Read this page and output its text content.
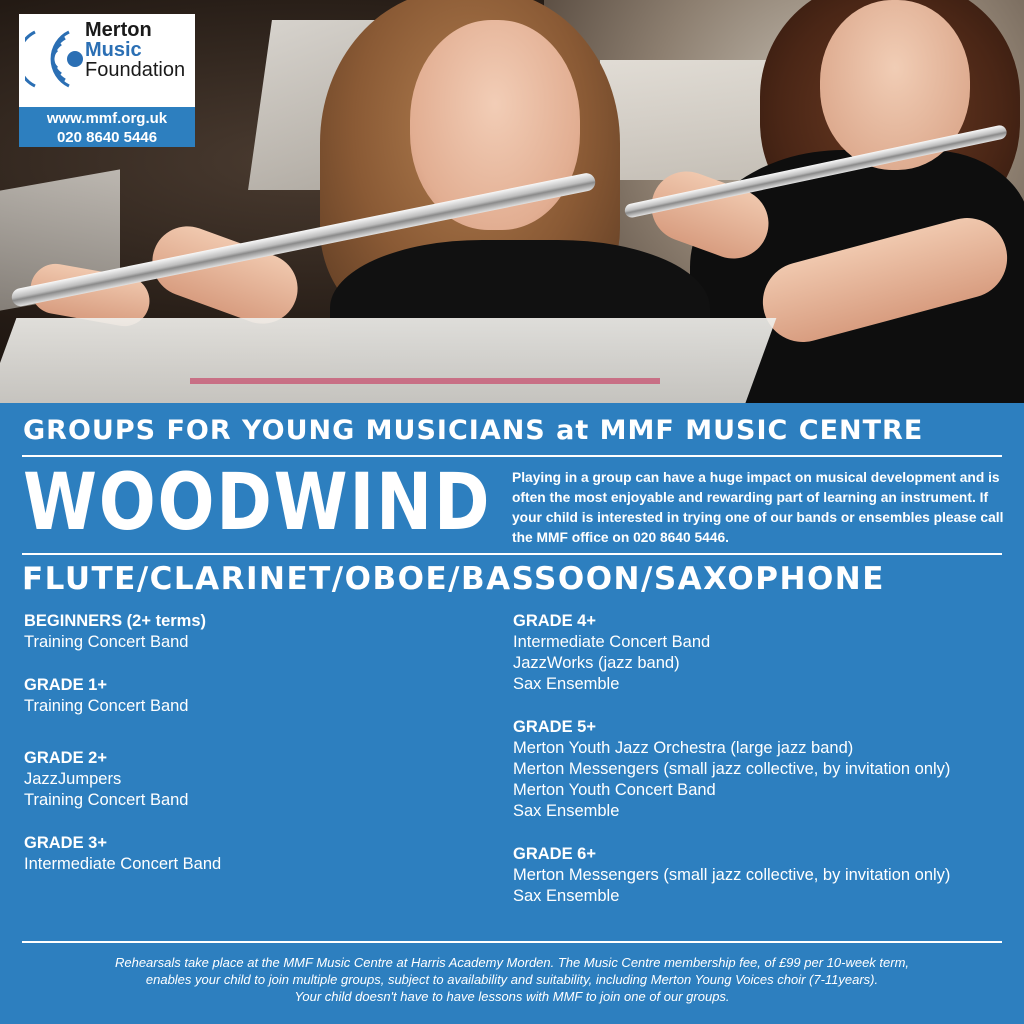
Merton
Music
Foundation
www.mmf.org.uk
020 8640 5446
GROUPS FOR YOUNG MUSICIANS at MMF MUSIC CENTRE
WOODWIND Playing in a group can have a huge impact on musical development and is often the most enjoyable and rewarding part of learning an instrument. If your child is interested in trying one of our bands or ensembles please call the MMF office on 020 8640 5446.
FLUTE/CLARINET/OBOE/BASSOON/SAXOPHONE
BEGINNERS (2+ terms)
Training Concert Band
GRADE 1+
Training Concert Band
GRADE 2+
JazzJumpers
Training Concert Band
GRADE 3+
Intermediate Concert Band
GRADE 4+
Intermediate Concert Band
JazzWorks (jazz band)
Sax Ensemble
GRADE 5+
Merton Youth Jazz Orchestra (large jazz band)
Merton Messengers (small jazz collective, by invitation only)
Merton Youth Concert Band
Sax Ensemble
GRADE 6+
Merton Messengers (small jazz collective, by invitation only)
Sax Ensemble
Rehearsals take place at the MMF Music Centre at Harris Academy Morden. The Music Centre membership fee, of £99 per 10-week term,
enables your child to join multiple groups, subject to availability and suitability, including Merton Young Voices choir (7-11years).
Your child doesn't have to have lessons with MMF to join one of our groups.
